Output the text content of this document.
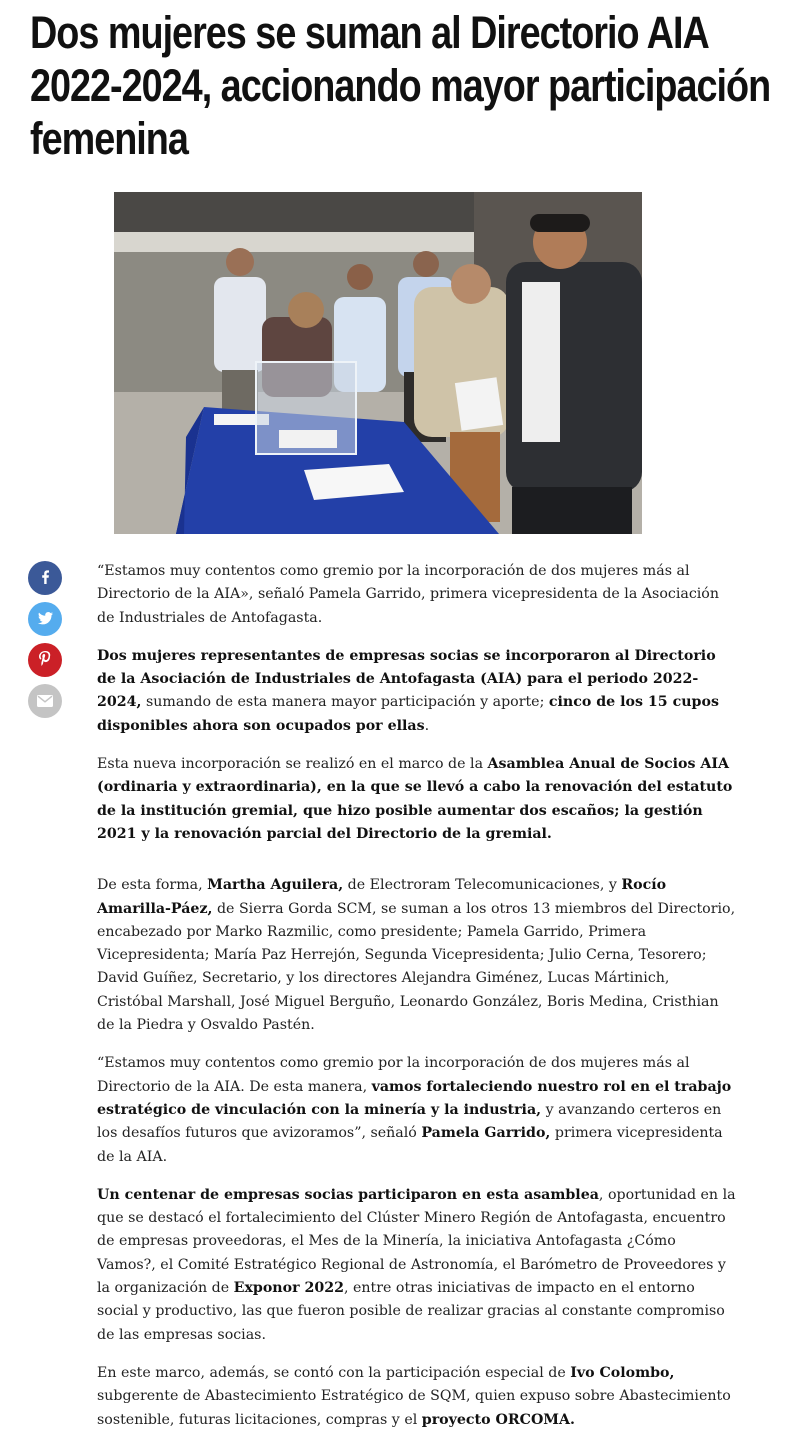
Dos mujeres se suman al Directorio AIA 2022-2024, accionando mayor participación femenina

“Estamos muy contentos como gremio por la incorporación de dos mujeres más al Directorio de la AIA», señaló Pamela Garrido, primera vicepresidenta de la Asociación de Industriales de Antofagasta.

Dos mujeres representantes de empresas socias se incorporaron al Directorio de la Asociación de Industriales de Antofagasta (AIA) para el periodo 2022-2024, sumando de esta manera mayor participación y aporte; cinco de los 15 cupos disponibles ahora son ocupados por ellas.

Esta nueva incorporación se realizó en el marco de la Asamblea Anual de Socios AIA (ordinaria y extraordinaria), en la que se llevó a cabo la renovación del estatuto de la institución gremial, que hizo posible aumentar dos escaños; la gestión 2021 y la renovación parcial del Directorio de la gremial.

De esta forma, Martha Aguilera, de Electroram Telecomunicaciones, y Rocío Amarilla-Páez, de Sierra Gorda SCM, se suman a los otros 13 miembros del Directorio, encabezado por Marko Razmilic, como presidente; Pamela Garrido, Primera Vicepresidenta; María Paz Herrejón, Segunda Vicepresidenta; Julio Cerna, Tesorero; David Guíñez, Secretario, y los directores Alejandra Giménez, Lucas Mártinich, Cristóbal Marshall, José Miguel Berguño, Leonardo González, Boris Medina, Cristhian de la Piedra y Osvaldo Pastén.

“Estamos muy contentos como gremio por la incorporación de dos mujeres más al Directorio de la AIA. De esta manera, vamos fortaleciendo nuestro rol en el trabajo estratégico de vinculación con la minería y la industria, y avanzando certeros en los desafíos futuros que avizoramos”, señaló Pamela Garrido, primera vicepresidenta de la AIA.

Un centenar de empresas socias participaron en esta asamblea, oportunidad en la que se destacó el fortalecimiento del Clúster Minero Región de Antofagasta, encuentro de empresas proveedoras, el Mes de la Minería, la iniciativa Antofagasta ¿Cómo Vamos?, el Comité Estratégico Regional de Astronomía, el Barómetro de Proveedores y la organización de Exponor 2022, entre otras iniciativas de impacto en el entorno social y productivo, las que fueron posible de realizar gracias al constante compromiso de las empresas socias.

En este marco, además, se contó con la participación especial de Ivo Colombo, subgerente de Abastecimiento Estratégico de SQM, quien expuso sobre Abastecimiento sostenible, futuras licitaciones, compras y el proyecto ORCOMA.
